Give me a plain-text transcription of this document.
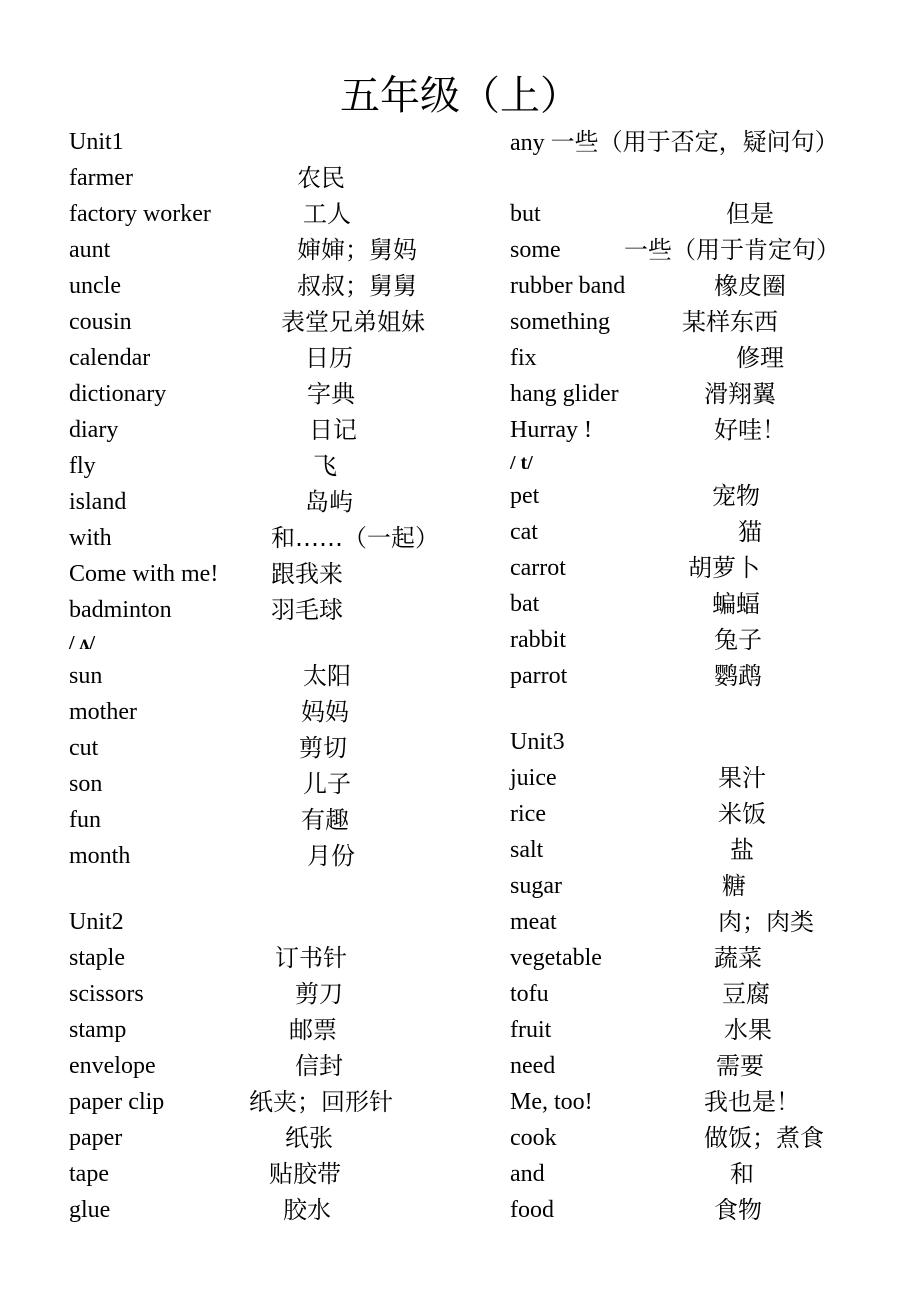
五年级（上）
Unit1
farmer	农民
factory worker	工人
aunt	婶婶；舅妈
uncle	叔叔；舅舅
cousin	表堂兄弟姐妹
calendar	日历
dictionary	字典
diary	日记
fly	飞
island	岛屿
with	和……（一起）
Come with me! 跟我来
badminton	羽毛球
/ ʌ/
sun	太阳
mother	妈妈
cut	剪切
son	儿子
fun	有趣
month	月份
Unit2
staple	订书针
scissors	剪刀
stamp	邮票
envelope	信封
paper clip	纸夹；回形针
paper	纸张
tape	贴胶带
glue	胶水
any 一些（用于否定，疑问句）
but	但是
some	一些（用于肯定句）
rubber band	橡皮圈
something	某样东西
fix	修理
hang glider	滑翔翼
Hurray !	好哇！
/ t/
pet	宠物
cat	猫
carrot	胡萝卜
bat	蝙蝠
rabbit	兔子
parrot	鹦鹉
Unit3
juice	果汁
rice	米饭
salt	盐
sugar	糖
meat	肉；肉类
vegetable	蔬菜
tofu	豆腐
fruit	水果
need	需要
Me, too!	我也是！
cook	做饭；煮食
and	和
food	食物
